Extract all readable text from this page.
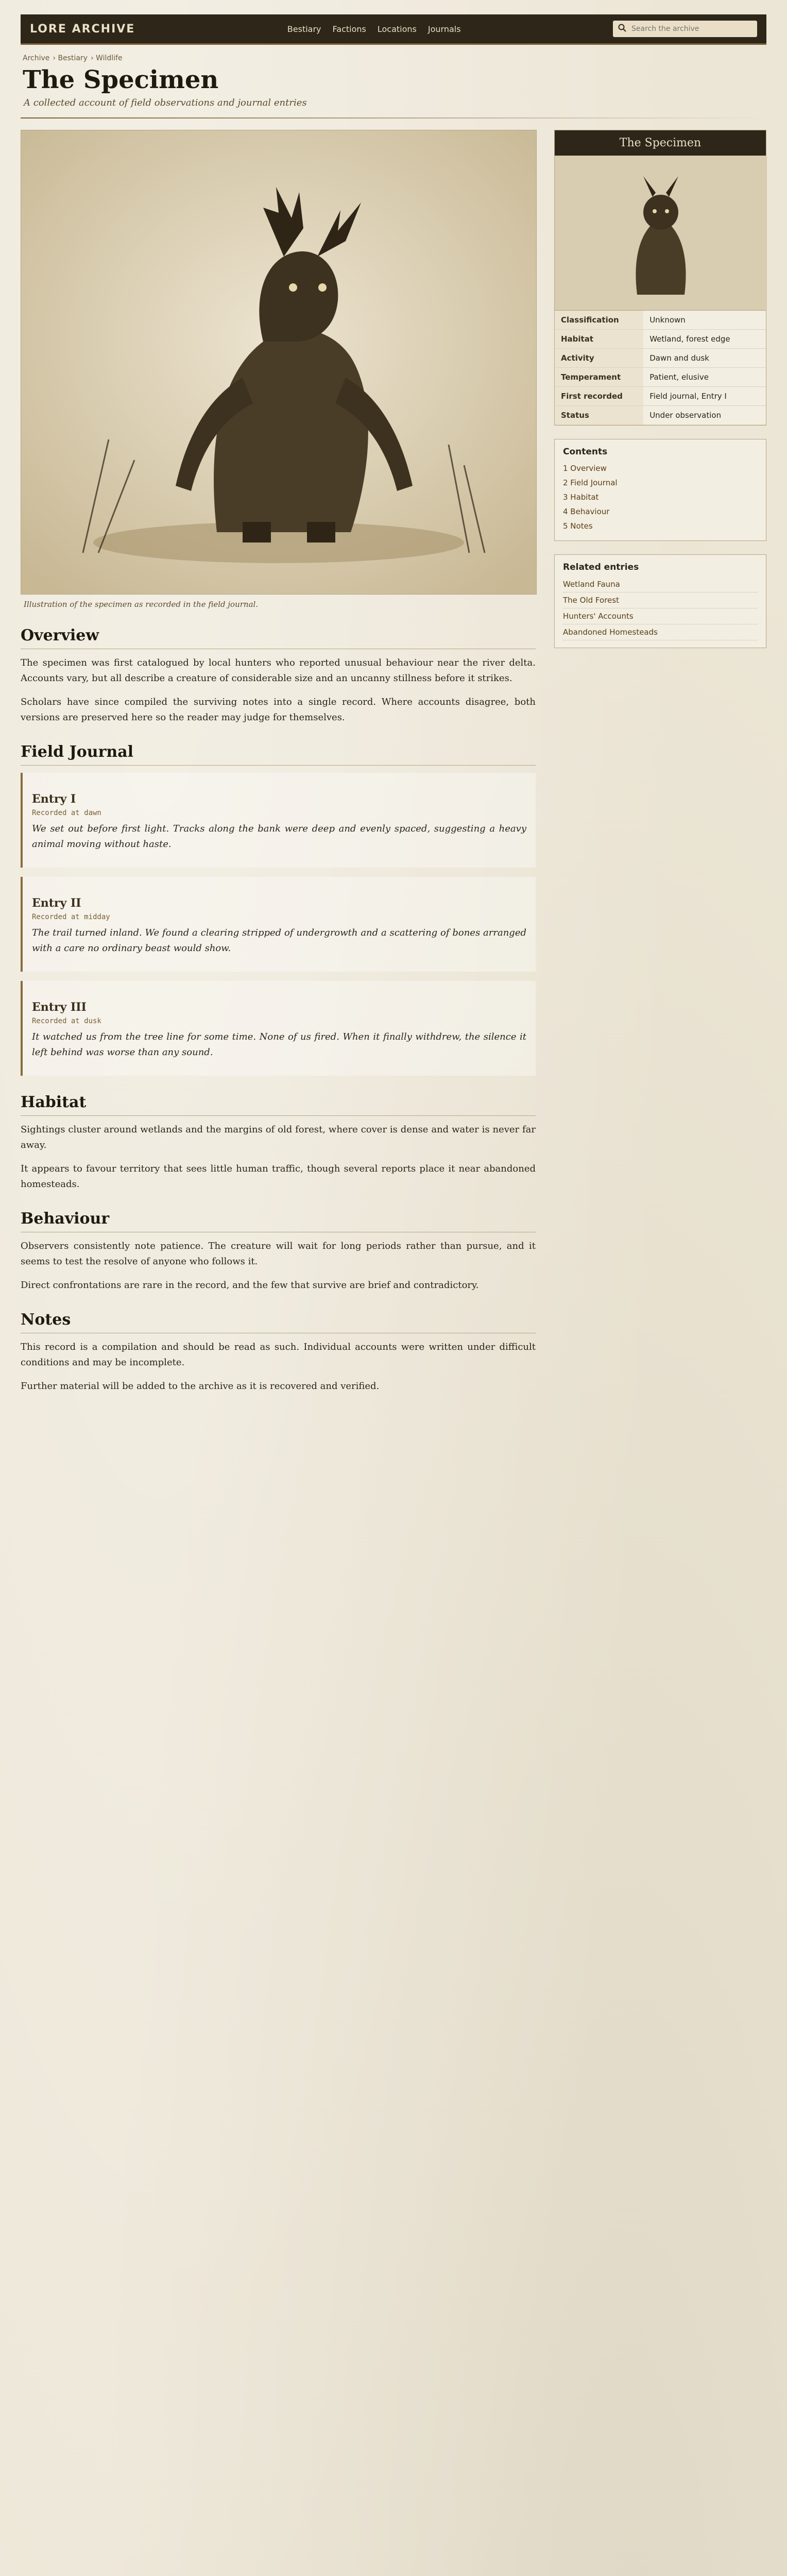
LORE ARCHIVE	Bestiary Factions Locations Journals
Search the archive
Archive › Bestiary › Wildlife
The Specimen
A collected account of field observations and journal entries
Illustration of the specimen as recorded in the field journal.
Overview

The specimen was first catalogued by local hunters who reported unusual behaviour near the river delta. Accounts vary, but all describe a creature of considerable size and an uncanny stillness before it strikes.

Scholars have since compiled the surviving notes into a single record. Where accounts disagree, both versions are preserved here so the reader may judge for themselves.

Field Journal
Entry I
Recorded at dawn

We set out before first light. Tracks along the bank were deep and evenly spaced, suggesting a heavy animal moving without haste.

Entry II
Recorded at midday

The trail turned inland. We found a clearing stripped of undergrowth and a scattering of bones arranged with a care no ordinary beast would show.

Entry III
Recorded at dusk

It watched us from the tree line for some time. None of us fired. When it finally withdrew, the silence it left behind was worse than any sound.

Habitat

Sightings cluster around wetlands and the margins of old forest, where cover is dense and water is never far away.

It appears to favour territory that sees little human traffic, though several reports place it near abandoned homesteads.

Behaviour

Observers consistently note patience. The creature will wait for long periods rather than pursue, and it seems to test the resolve of anyone who follows it.

Direct confrontations are rare in the record, and the few that survive are brief and contradictory.

Notes

This record is a compilation and should be read as such. Individual accounts were written under difficult conditions and may be incomplete.

Further material will be added to the archive as it is recovered and verified.

The Specimen
Classification	Unknown
Habitat	Wetland, forest edge
Activity	Dawn and dusk
Temperament	Patient, elusive
First recorded	Field journal, Entry I
Status	Under observation
Contents
1 Overview
2 Field Journal
3 Habitat
4 Behaviour
5 Notes
Related entries
Wetland Fauna
The Old Forest
Hunters' Accounts
Abandoned Homesteads
